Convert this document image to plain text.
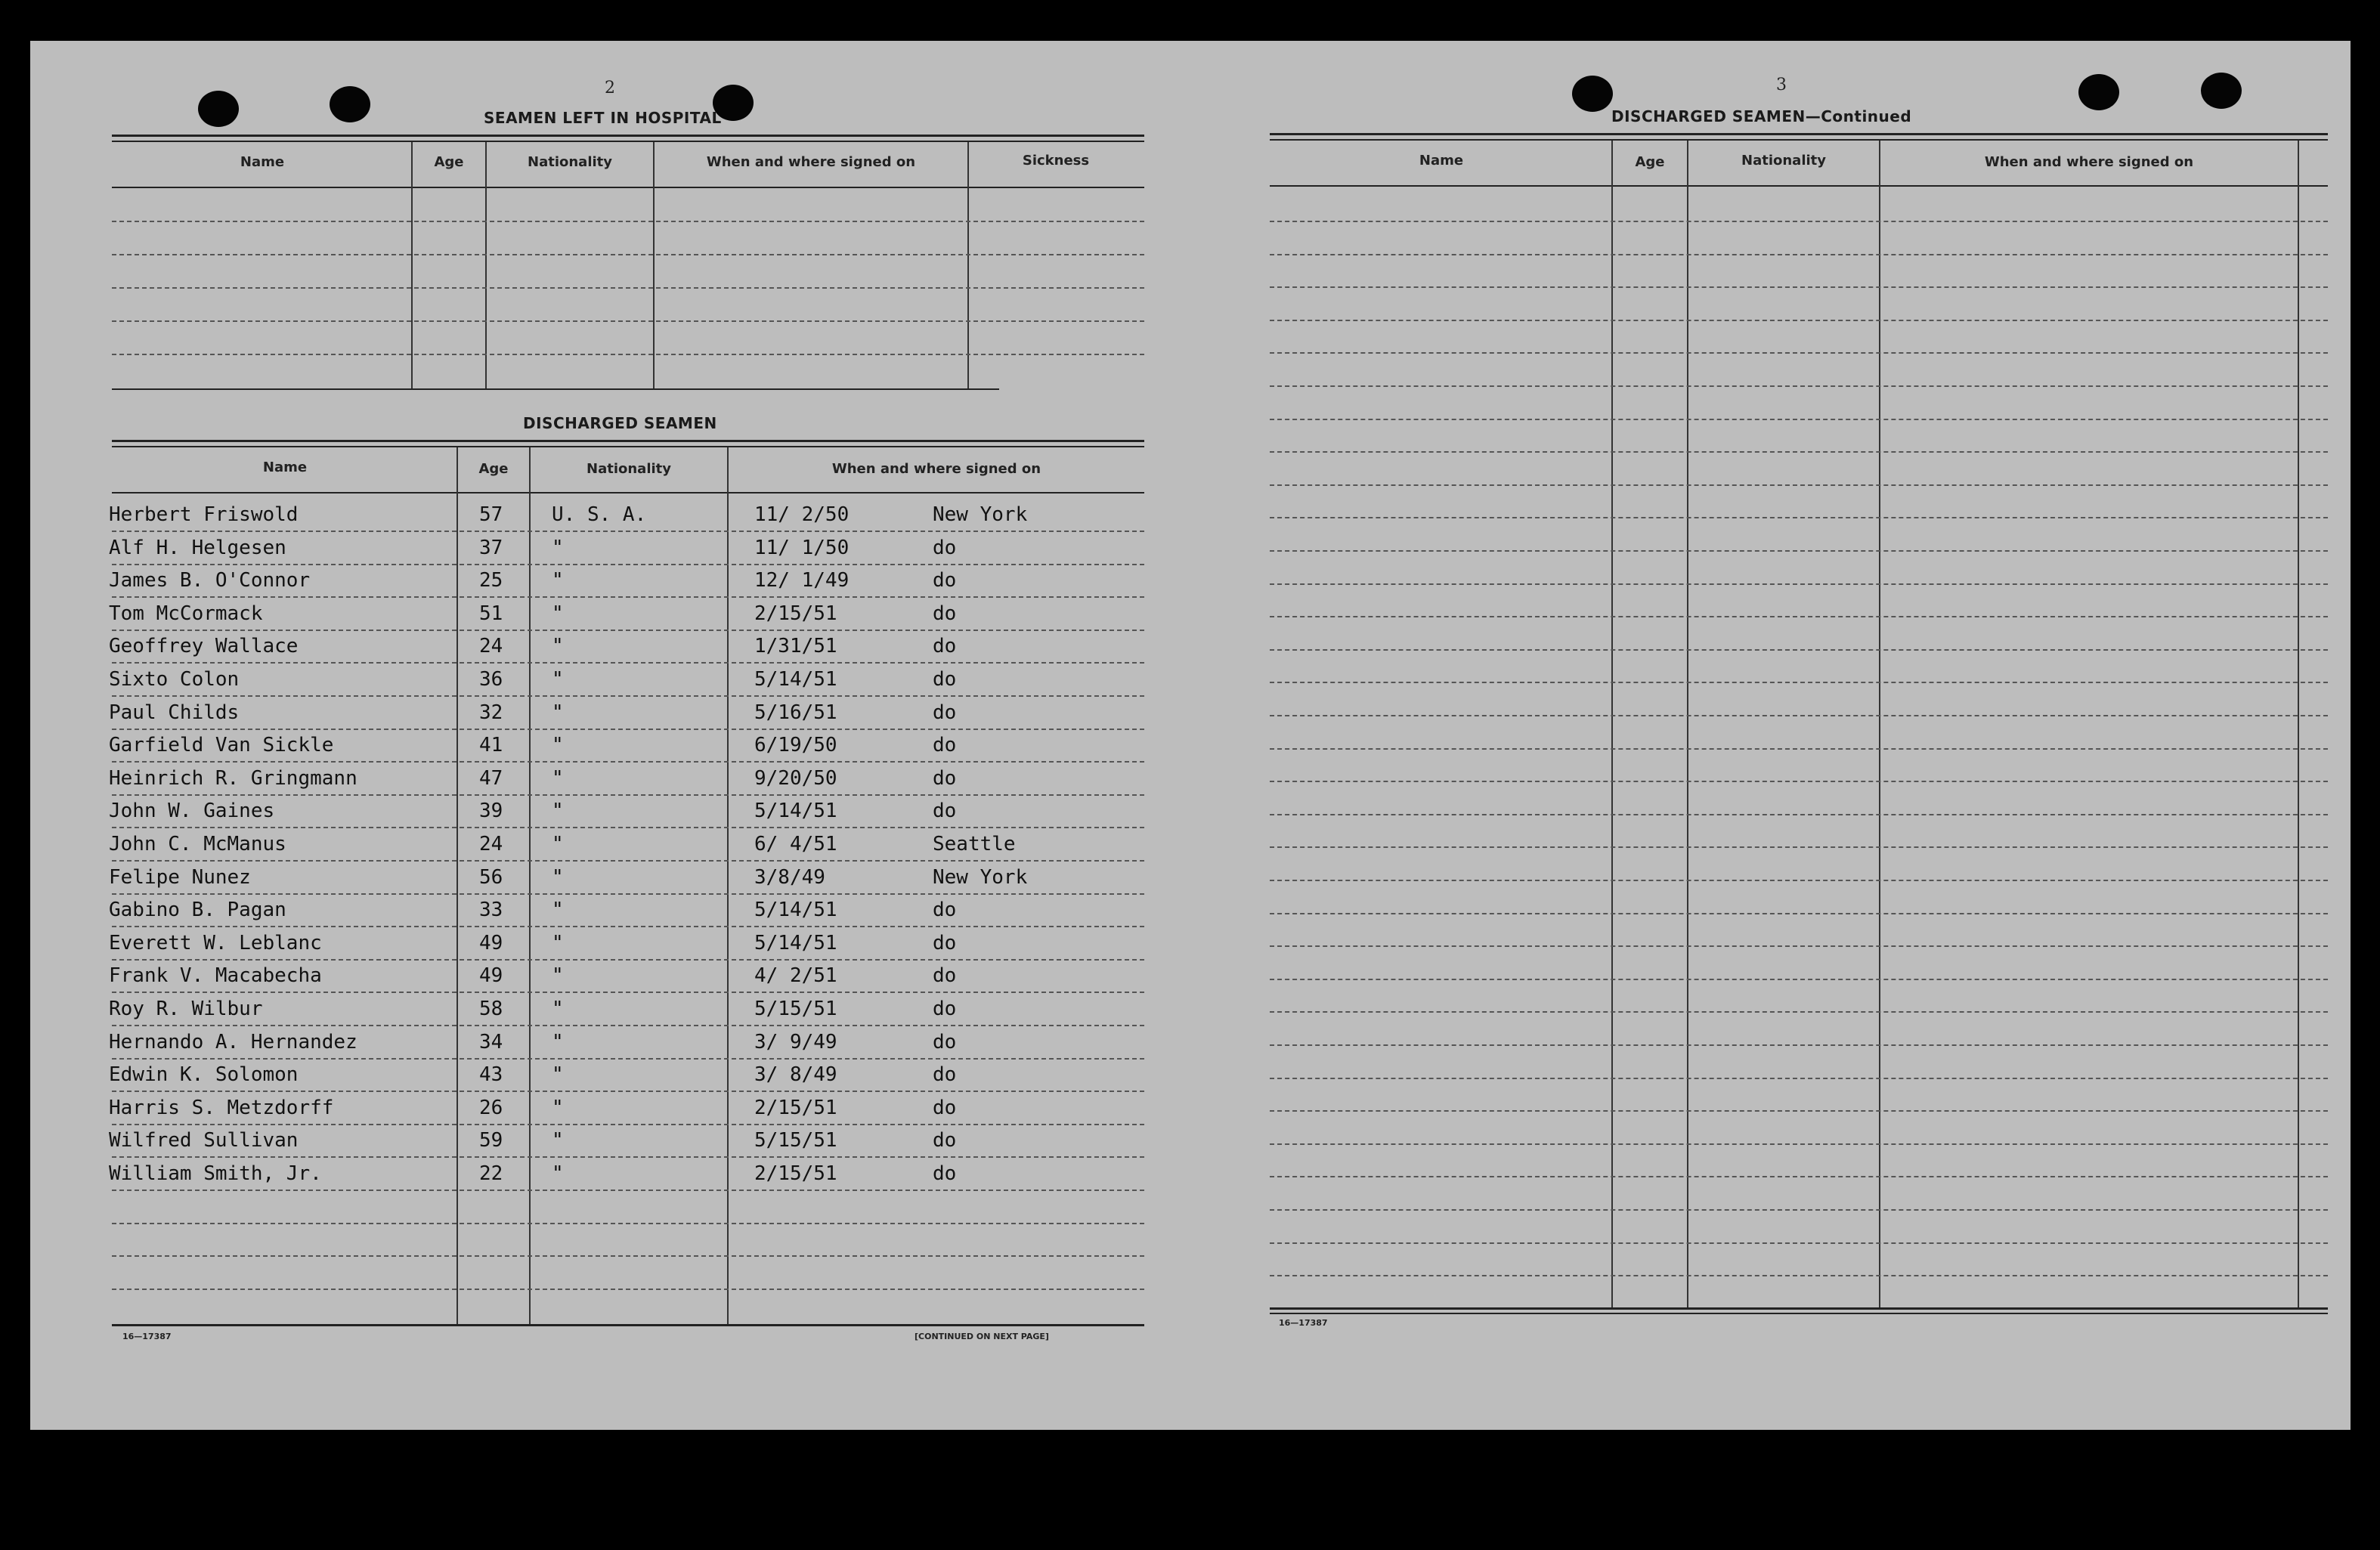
2
SEAMEN LEFT IN HOSPITAL
Name	Age	Nationality	When and where signed on	Sickness
DISCHARGED SEAMEN
Name	Age	Nationality	When and where signed on
Herbert Friswold	57 U. S. A.	11/ 2/50	New York
Alf H. Helgesen	37 "	11/ 1/50	do
James B. O'Connor	25 "	12/ 1/49	do
Tom McCormack	51 "	2/15/51	do
Geoffrey Wallace	24 "	1/31/51	do
Sixto Colon	36 "	5/14/51	do
Paul Childs	32 "	5/16/51	do
Garfield Van Sickle	41 "	6/19/50	do
Heinrich R. Gringmann	47 "	9/20/50	do
John W. Gaines	39 "	5/14/51	do
John C. McManus	24 "	6/ 4/51	Seattle
Felipe Nunez	56 "	3/8/49	New York
Gabino B. Pagan	33 "	5/14/51	do
Everett W. Leblanc	49 "	5/14/51	do
Frank V. Macabecha	49 "	4/ 2/51	do
Roy R. Wilbur	58 "	5/15/51	do
Hernando A. Hernandez	34 "	3/ 9/49	do
Edwin K. Solomon	43 "	3/ 8/49	do
Harris S. Metzdorff	26 "	2/15/51	do
Wilfred Sullivan	59 "	5/15/51	do
William Smith, Jr.	22 "	2/15/51	do
16—17387	[CONTINUED ON NEXT PAGE]
3
DISCHARGED SEAMEN—Continued
Name	Age	Nationality	When and where signed on
16—17387
